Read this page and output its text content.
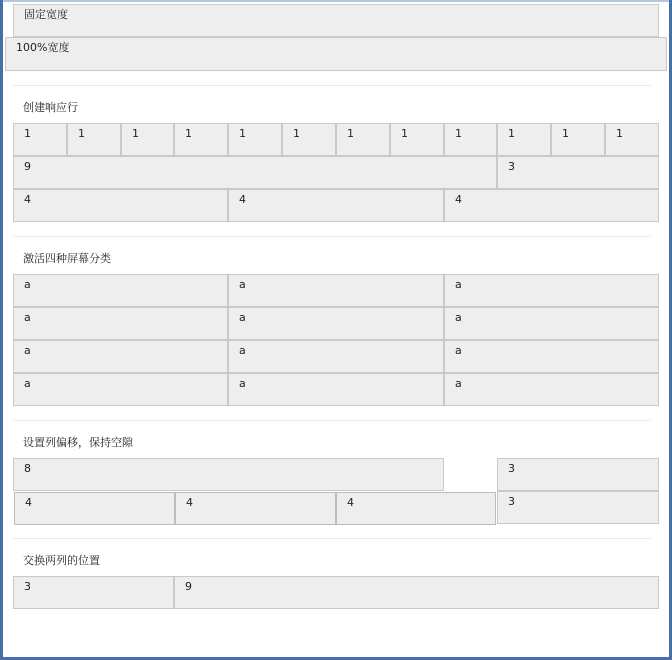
固定宽度
100%宽度
创建响应行
1	1	1	1	1	1	1	1	1	1	1	1
9	3
4	4	4
激活四种屏幕分类
a	a	a
a	a	a
a	a	a
a	a	a
设置列偏移，保持空隙
8	3
4	4	4	3
交换两列的位置
3	9
